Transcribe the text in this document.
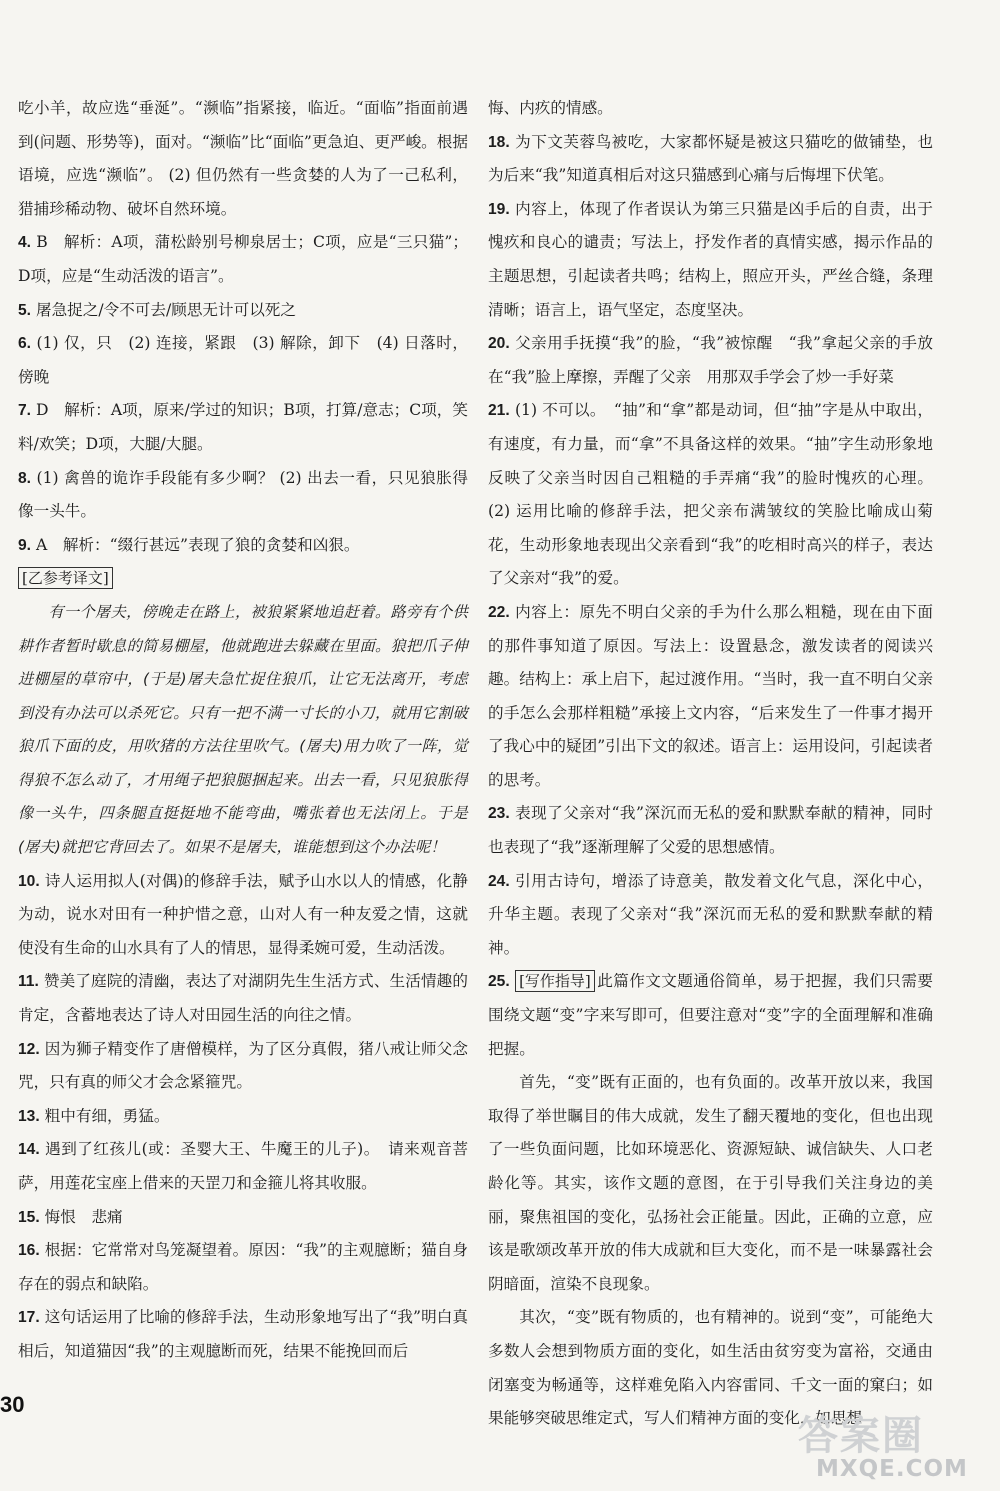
吃小羊，故应选“垂涎”。“濒临”指紧接，临近。“面临”指面前遇到(问题、形势等)，面对。“濒临”比“面临”更急迫、更严峻。根据语境，应选“濒临”。 (2) 但仍然有一些贪婪的人为了一己私利，猎捕珍稀动物、破坏自然环境。

4. B　解析：A项，蒲松龄别号柳泉居士；C项，应是“三只猫”；D项，应是“生动活泼的语言”。

5. 屠急捉之/令不可去/顾思无计可以死之

6. (1) 仅，只　(2) 连接，紧跟　(3) 解除，卸下　(4) 日落时，傍晚

7. D　解析：A项，原来/学过的知识；B项，打算/意志；C项，笑料/欢笑；D项，大腿/大腿。

8. (1) 禽兽的诡诈手段能有多少啊？ (2) 出去一看，只见狼胀得像一头牛。

9. A　解析：“缀行甚远”表现了狼的贪婪和凶狠。

[乙参考译文]

有一个屠夫，傍晚走在路上，被狼紧紧地追赶着。路旁有个供耕作者暂时歇息的简易棚屋，他就跑进去躲藏在里面。狼把爪子伸进棚屋的草帘中，(于是)屠夫急忙捉住狼爪，让它无法离开，考虑到没有办法可以杀死它。只有一把不满一寸长的小刀，就用它割破狼爪下面的皮，用吹猪的方法往里吹气。(屠夫)用力吹了一阵，觉得狼不怎么动了，才用绳子把狼腿捆起来。出去一看，只见狼胀得像一头牛，四条腿直挺挺地不能弯曲，嘴张着也无法闭上。于是(屠夫)就把它背回去了。如果不是屠夫，谁能想到这个办法呢！

10. 诗人运用拟人(对偶)的修辞手法，赋予山水以人的情感，化静为动，说水对田有一种护惜之意，山对人有一种友爱之情，这就使没有生命的山水具有了人的情思，显得柔婉可爱，生动活泼。

11. 赞美了庭院的清幽，表达了对湖阴先生生活方式、生活情趣的肯定，含蓄地表达了诗人对田园生活的向往之情。

12. 因为狮子精变作了唐僧模样，为了区分真假，猪八戒让师父念咒，只有真的师父才会念紧箍咒。

13. 粗中有细，勇猛。

14. 遇到了红孩儿(或：圣婴大王、牛魔王的儿子)。　请来观音菩萨，用莲花宝座上借来的天罡刀和金箍儿将其收服。

15. 悔恨　悲痛

16. 根据：它常常对鸟笼凝望着。原因：“我”的主观臆断；猫自身存在的弱点和缺陷。

17. 这句话运用了比喻的修辞手法，生动形象地写出了“我”明白真相后，知道猫因“我”的主观臆断而死，结果不能挽回而后

悔、内疚的情感。

18. 为下文芙蓉鸟被吃，大家都怀疑是被这只猫吃的做铺垫，也为后来“我”知道真相后对这只猫感到心痛与后悔埋下伏笔。

19. 内容上，体现了作者误认为第三只猫是凶手后的自责，出于愧疚和良心的谴责；写法上，抒发作者的真情实感，揭示作品的主题思想，引起读者共鸣；结构上，照应开头，严丝合缝，条理清晰；语言上，语气坚定，态度坚决。

20. 父亲用手抚摸“我”的脸，“我”被惊醒　“我”拿起父亲的手放在“我”脸上摩擦，弄醒了父亲　用那双手学会了炒一手好菜

21. (1) 不可以。　“抽”和“拿”都是动词，但“抽”字是从中取出，有速度，有力量，而“拿”不具备这样的效果。“抽”字生动形象地反映了父亲当时因自己粗糙的手弄痛“我”的脸时愧疚的心理。 (2) 运用比喻的修辞手法，把父亲布满皱纹的笑脸比喻成山菊花，生动形象地表现出父亲看到“我”的吃相时高兴的样子，表达了父亲对“我”的爱。

22. 内容上：原先不明白父亲的手为什么那么粗糙，现在由下面的那件事知道了原因。写法上：设置悬念，激发读者的阅读兴趣。结构上：承上启下，起过渡作用。“当时，我一直不明白父亲的手怎么会那样粗糙”承接上文内容，“后来发生了一件事才揭开了我心中的疑团”引出下文的叙述。语言上：运用设问，引起读者的思考。

23. 表现了父亲对“我”深沉而无私的爱和默默奉献的精神，同时也表现了“我”逐渐理解了父爱的思想感情。

24. 引用古诗句，增添了诗意美，散发着文化气息，深化中心，升华主题。表现了父亲对“我”深沉而无私的爱和默默奉献的精神。

25. [写作指导] 此篇作文文题通俗简单，易于把握，我们只需要围绕文题“变”字来写即可，但要注意对“变”字的全面理解和准确把握。

首先，“变”既有正面的，也有负面的。改革开放以来，我国取得了举世瞩目的伟大成就，发生了翻天覆地的变化，但也出现了一些负面问题，比如环境恶化、资源短缺、诚信缺失、人口老龄化等。其实，该作文题的意图，在于引导我们关注身边的美丽，聚焦祖国的变化，弘扬社会正能量。因此，正确的立意，应该是歌颂改革开放的伟大成就和巨大变化，而不是一味暴露社会阴暗面，渲染不良现象。

其次，“变”既有物质的，也有精神的。说到“变”，可能绝大多数人会想到物质方面的变化，如生活由贫穷变为富裕，交通由闭塞变为畅通等，这样难免陷入内容雷同、千文一面的窠臼；如果能够突破思维定式，写人们精神方面的变化，如思想

30
答案圈
MXQE.COM
